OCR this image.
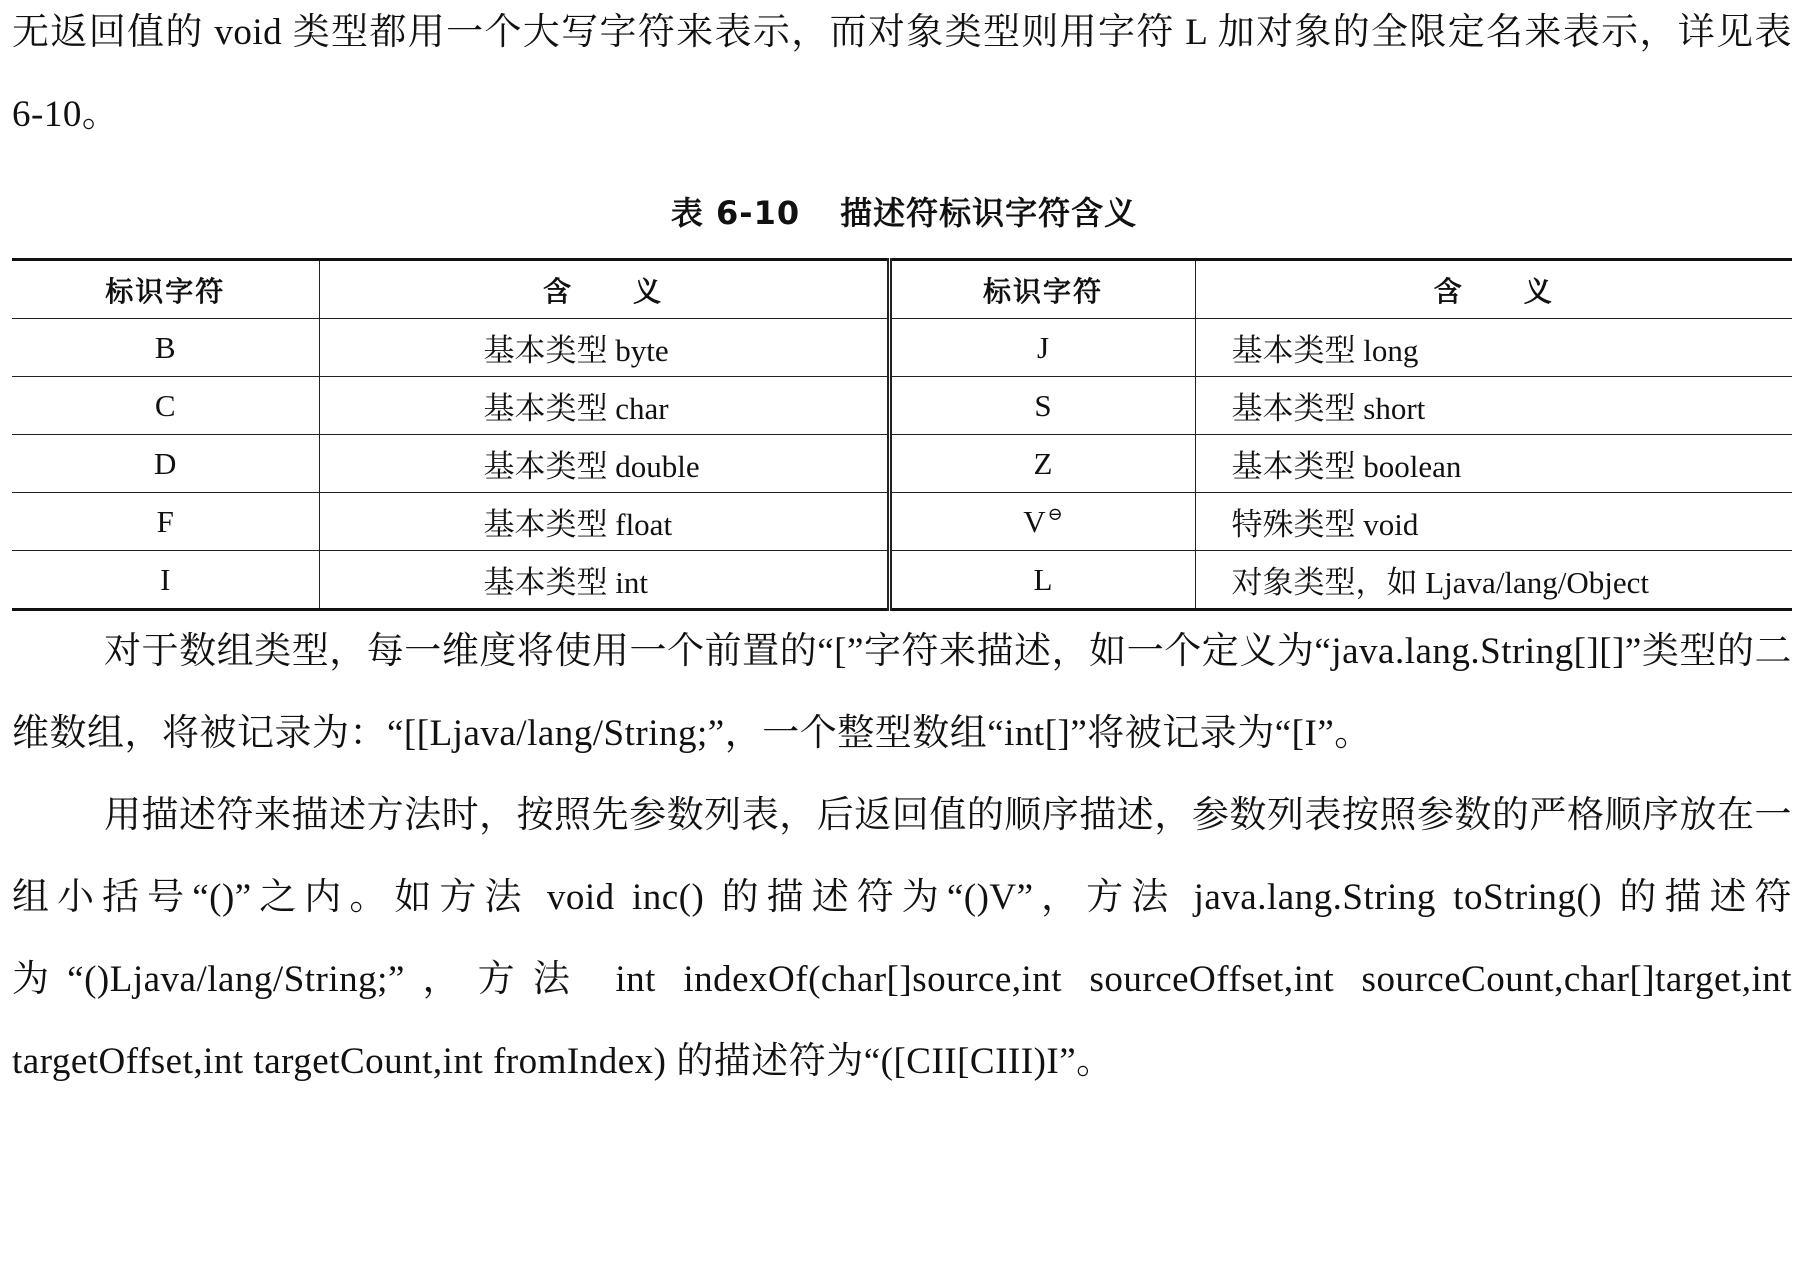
无返回值的 void 类型都用一个大写字符来表示，而对象类型则用字符 L 加对象的全限定名来表示，详见表 6-10。

表 6-10 描述符标识字符含义
标识字符	含　　义	标识字符	含　　义
B	基本类型 byte	J	基本类型 long
C	基本类型 char	S	基本类型 short
D	基本类型 double	Z	基本类型 boolean
F	基本类型 float	V ⊖	特殊类型 void
I	基本类型 int	L	对象类型，如 Ljava/lang/Object

对于数组类型，每一维度将使用一个前置的“[”字符来描述，如一个定义为“java.lang.String[][]”类型的二维数组，将被记录为：“[[Ljava/lang/String;”，一个整型数组“int[]”将被记录为“[I”。

用描述符来描述方法时，按照先参数列表，后返回值的顺序描述，参数列表按照参数的严格顺序放在一组小括号“()”之内。如方法 void inc() 的描述符为“()V”，方法 java.lang.String toString() 的描述符为“()Ljava/lang/String;”，方法 int indexOf(char[]source,int sourceOffset,int sourceCount,char[]target,int targetOffset,int targetCount,int fromIndex) 的描述符为“([CII[CIII)I”。
